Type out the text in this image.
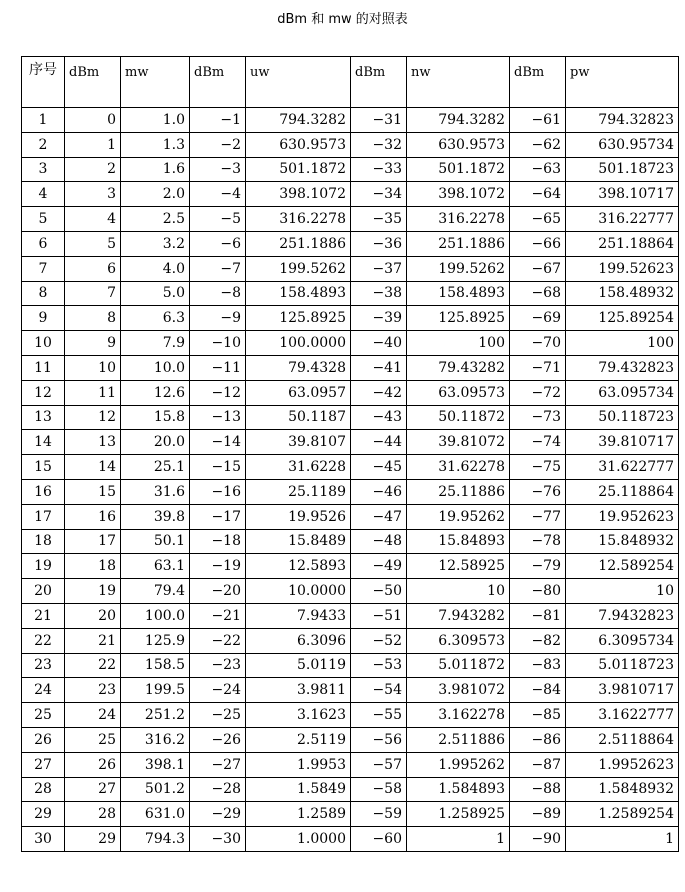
dBm 和 mw 的对照表
序号	dBm	mw	dBm	uw	dBm	nw	dBm	pw
1	0	1.0	−1	794.3282	−31	794.3282	−61	794.32823
2	1	1.3	−2	630.9573	−32	630.9573	−62	630.95734
3	2	1.6	−3	501.1872	−33	501.1872	−63	501.18723
4	3	2.0	−4	398.1072	−34	398.1072	−64	398.10717
5	4	2.5	−5	316.2278	−35	316.2278	−65	316.22777
6	5	3.2	−6	251.1886	−36	251.1886	−66	251.18864
7	6	4.0	−7	199.5262	−37	199.5262	−67	199.52623
8	7	5.0	−8	158.4893	−38	158.4893	−68	158.48932
9	8	6.3	−9	125.8925	−39	125.8925	−69	125.89254
10	9	7.9	−10	100.0000	−40	100	−70	100
11	10	10.0	−11	79.4328	−41	79.43282	−71	79.432823
12	11	12.6	−12	63.0957	−42	63.09573	−72	63.095734
13	12	15.8	−13	50.1187	−43	50.11872	−73	50.118723
14	13	20.0	−14	39.8107	−44	39.81072	−74	39.810717
15	14	25.1	−15	31.6228	−45	31.62278	−75	31.622777
16	15	31.6	−16	25.1189	−46	25.11886	−76	25.118864
17	16	39.8	−17	19.9526	−47	19.95262	−77	19.952623
18	17	50.1	−18	15.8489	−48	15.84893	−78	15.848932
19	18	63.1	−19	12.5893	−49	12.58925	−79	12.589254
20	19	79.4	−20	10.0000	−50	10	−80	10
21	20	100.0	−21	7.9433	−51	7.943282	−81	7.9432823
22	21	125.9	−22	6.3096	−52	6.309573	−82	6.3095734
23	22	158.5	−23	5.0119	−53	5.011872	−83	5.0118723
24	23	199.5	−24	3.9811	−54	3.981072	−84	3.9810717
25	24	251.2	−25	3.1623	−55	3.162278	−85	3.1622777
26	25	316.2	−26	2.5119	−56	2.511886	−86	2.5118864
27	26	398.1	−27	1.9953	−57	1.995262	−87	1.9952623
28	27	501.2	−28	1.5849	−58	1.584893	−88	1.5848932
29	28	631.0	−29	1.2589	−59	1.258925	−89	1.2589254
30	29	794.3	−30	1.0000	−60	1	−90	1
